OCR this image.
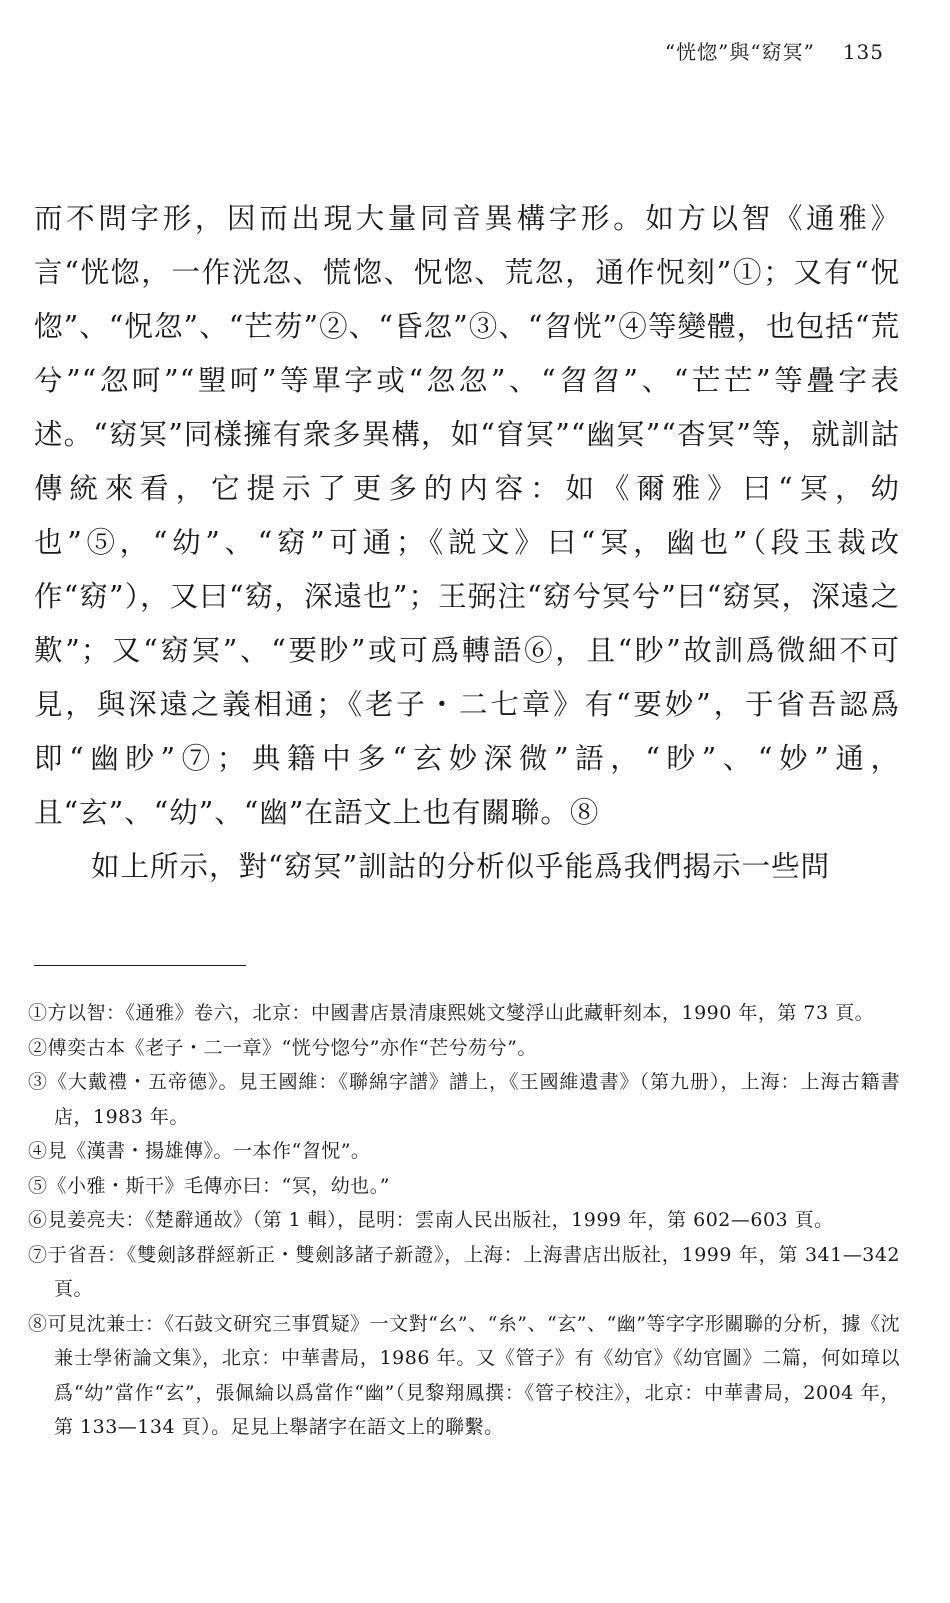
“恍惚”與“窈冥” 135

而不問字形，因而出現大量同音異構字形。如方以智《通雅》言“恍惚，一作洸忽、慌惚、怳惚、荒忽，通作怳刻”①；又有“怳惚”、“怳忽”、“芒芴”②、“昏忽”③、“曶恍”④等變體，也包括“荒兮”“忽呵”“朢呵”等單字或“忽忽”、“曶曶”、“芒芒”等疊字表述。“窈冥”同樣擁有衆多異構，如“窅冥”“幽冥”“杳冥”等，就訓詁傳統來看，它提示了更多的内容：如《爾雅》曰“冥，幼也”⑤，“幼”、“窈”可通；《説文》曰“冥，幽也”（段玉裁改作“窈”），又曰“窈，深遠也”；王弼注“窈兮冥兮”曰“窈冥，深遠之歎”；又“窈冥”、“要眇”或可爲轉語⑥，且“眇”故訓爲微細不可見，與深遠之義相通；《老子・二七章》有“要妙”，于省吾認爲即“幽眇”⑦；典籍中多“玄妙深微”語，“眇”、“妙”通，且“玄”、“幼”、“幽”在語文上也有關聯。⑧

如上所示，對“窈冥”訓詁的分析似乎能爲我們揭示一些問

①方以智：《通雅》卷六，北京：中國書店景清康熙姚文燮浮山此藏軒刻本，1990 年，第 73 頁。

②傅奕古本《老子・二一章》“恍兮惚兮”亦作“芒兮芴兮”。

③《大戴禮・五帝德》。見王國維：《聯綿字譜》譜上，《王國維遺書》（第九册），上海：上海古籍書店，1983 年。

④見《漢書・揚雄傳》。一本作“曶怳”。

⑤《小雅・斯干》毛傳亦曰：“冥，幼也。”

⑥見姜亮夫：《楚辭通故》（第 1 輯），昆明：雲南人民出版社，1999 年，第 602—603 頁。

⑦于省吾：《雙劍誃群經新正・雙劍誃諸子新證》，上海：上海書店出版社，1999 年，第 341—342 頁。

⑧可見沈兼士：《石鼓文研究三事質疑》一文對“幺”、“糸”、“玄”、“幽”等字字形關聯的分析，據《沈兼士學術論文集》，北京：中華書局，1986 年。又《管子》有《幼官》《幼官圖》二篇，何如璋以爲“幼”當作“玄”，張佩綸以爲當作“幽”（見黎翔鳳撰：《管子校注》，北京：中華書局，2004 年，第 133—134 頁）。足見上舉諸字在語文上的聯繫。
